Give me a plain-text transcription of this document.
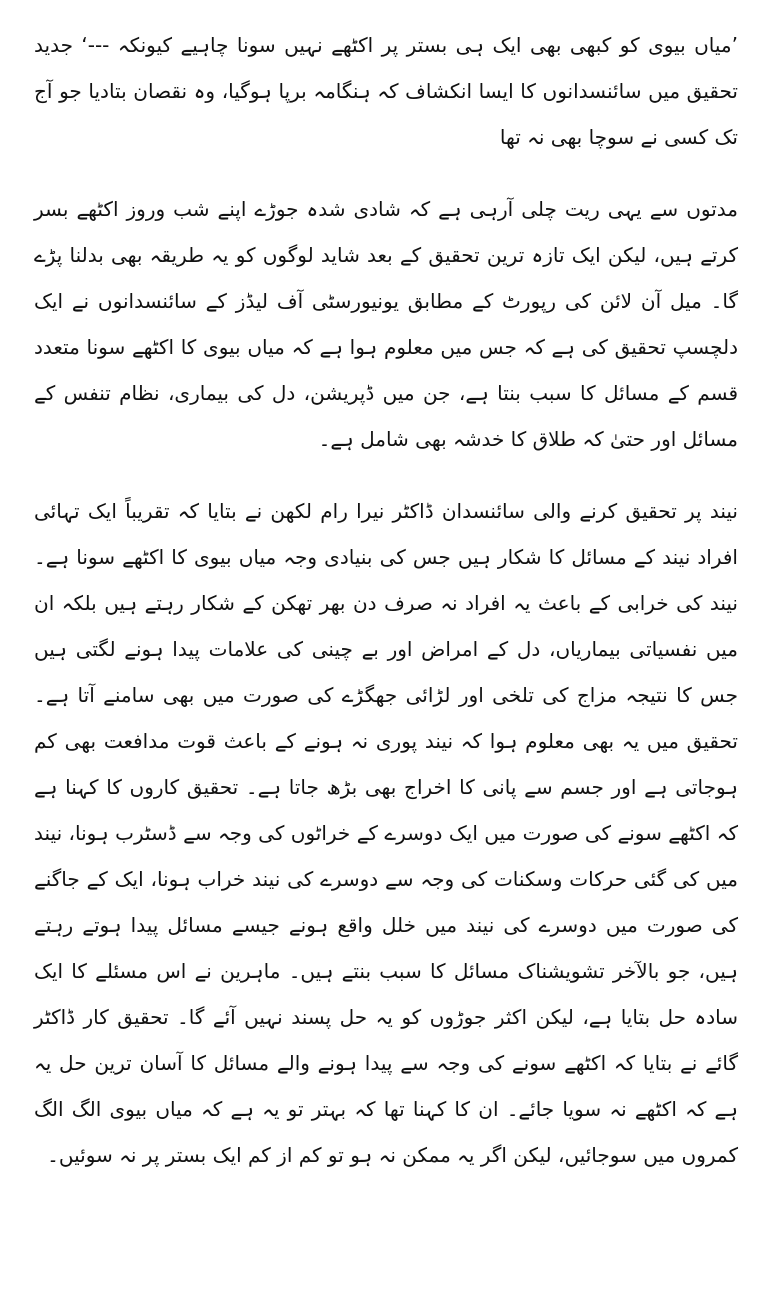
’میاں بیوی کو کبھی بھی ایک ہی بستر پر اکٹھے نہیں سونا چاہیے کیونکہ ---‘ جدید تحقیق میں سائنسدانوں کا ایسا انکشاف کہ ہنگامہ برپا ہوگیا، وہ نقصان بتادیا جو آج تک کسی نے سوچا بھی نہ تھا

مدتوں سے یہی ریت چلی آرہی ہے کہ شادی شدہ جوڑے اپنے شب وروز اکٹھے بسر کرتے ہیں، لیکن ایک تازہ ترین تحقیق کے بعد شاید لوگوں کو یہ طریقہ بھی بدلنا پڑے گا۔ میل آن لائن کی رپورٹ کے مطابق یونیورسٹی آف لیڈز کے سائنسدانوں نے ایک دلچسپ تحقیق کی ہے کہ جس میں معلوم ہوا ہے کہ میاں بیوی کا اکٹھے سونا متعدد قسم کے مسائل کا سبب بنتا ہے، جن میں ڈپریشن، دل کی بیماری، نظام تنفس کے مسائل اور حتیٰ کہ طلاق کا خدشہ بھی شامل ہے۔

نیند پر تحقیق کرنے والی سائنسدان ڈاکٹر نیرا رام لکھن نے بتایا کہ تقریباً ایک تہائی افراد نیند کے مسائل کا شکار ہیں جس کی بنیادی وجہ میاں بیوی کا اکٹھے سونا ہے۔ نیند کی خرابی کے باعث یہ افراد نہ صرف دن بھر تھکن کے شکار رہتے ہیں بلکہ ان میں نفسیاتی بیماریاں، دل کے امراض اور بے چینی کی علامات پیدا ہونے لگتی ہیں جس کا نتیجہ مزاج کی تلخی اور لڑائی جھگڑے کی صورت میں بھی سامنے آتا ہے۔ تحقیق میں یہ بھی معلوم ہوا کہ نیند پوری نہ ہونے کے باعث قوت مدافعت بھی کم ہوجاتی ہے اور جسم سے پانی کا اخراج بھی بڑھ جاتا ہے۔ تحقیق کاروں کا کہنا ہے کہ اکٹھے سونے کی صورت میں ایک دوسرے کے خراٹوں کی وجہ سے ڈسٹرب ہونا، نیند میں کی گئی حرکات وسکنات کی وجہ سے دوسرے کی نیند خراب ہونا، ایک کے جاگنے کی صورت میں دوسرے کی نیند میں خلل واقع ہونے جیسے مسائل پیدا ہوتے رہتے ہیں، جو بالآخر تشویشناک مسائل کا سبب بنتے ہیں۔ ماہرین نے اس مسئلے کا ایک سادہ حل بتایا ہے، لیکن اکثر جوڑوں کو یہ حل پسند نہیں آئے گا۔ تحقیق کار ڈاکٹر گائے نے بتایا کہ اکٹھے سونے کی وجہ سے پیدا ہونے والے مسائل کا آسان ترین حل یہ ہے کہ اکٹھے نہ سویا جائے۔ ان کا کہنا تھا کہ بہتر تو یہ ہے کہ میاں بیوی الگ الگ کمروں میں سوجائیں، لیکن اگر یہ ممکن نہ ہو تو کم از کم ایک بستر پر نہ سوئیں۔
